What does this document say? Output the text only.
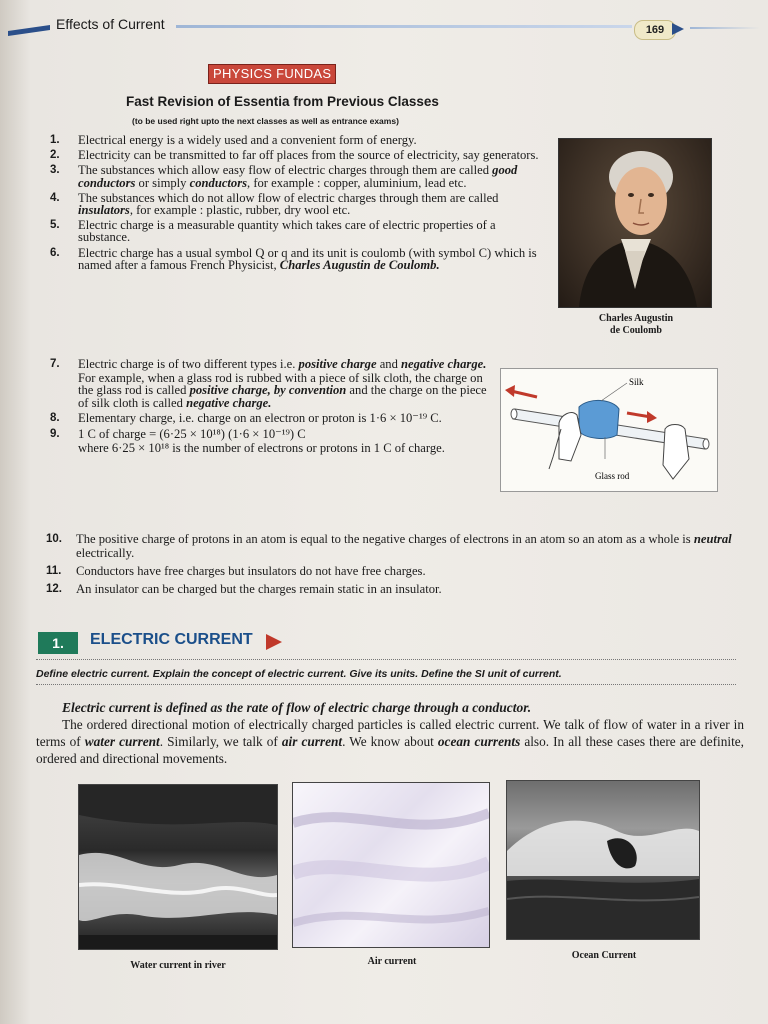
Effects of Current	169
PHYSICS FUNDAS
Fast Revision of Essentia from Previous Classes
(to be used right upto the next classes as well as entrance exams)
1. Electrical energy is a widely used and a convenient form of energy.
2. Electricity can be transmitted to far off places from the source of electricity, say generators.
3. The substances which allow easy flow of electric charges through them are called good conductors or simply conductors, for example : copper, aluminium, lead etc.
4. The substances which do not allow flow of electric charges through them are called insulators, for example : plastic, rubber, dry wool etc.
5. Electric charge is a measurable quantity which takes care of electric properties of a substance.
6. Electric charge has a usual symbol Q or q and its unit is coulomb (with symbol C) which is named after a famous French Physicist, Charles Augustin de Coulomb.
7. Electric charge is of two different types i.e. positive charge and negative charge.
For example, when a glass rod is rubbed with a piece of silk cloth, the charge on the glass rod is called positive charge, by convention and the charge on the piece of silk cloth is called negative charge.
8. Elementary charge, i.e. charge on an electron or proton is 1·6 × 10⁻¹⁹ C.
9. 1 C of charge = (6·25 × 10¹⁸) (1·6 × 10⁻¹⁹) C
where 6·25 × 10¹⁸ is the number of electrons or protons in 1 C of charge.
10. The positive charge of protons in an atom is equal to the negative charges of electrons in an atom so an atom as a whole is neutral electrically.
11. Conductors have free charges but insulators do not have free charges.
12. An insulator can be charged but the charges remain static in an insulator.
Charles Augustin
de Coulomb
Silk
Glass rod
1.	ELECTRIC CURRENT
Define electric current. Explain the concept of electric current. Give its units. Define the SI unit of current.
Electric current is defined as the rate of flow of electric charge through a conductor.
The ordered directional motion of electrically charged particles is called electric current. We talk of flow of water in a river in terms of water current. Similarly, we talk of air current. We know about ocean currents also. In all these cases there are definite, ordered and directional movements.
Water current in river	Air current
Ocean Current
